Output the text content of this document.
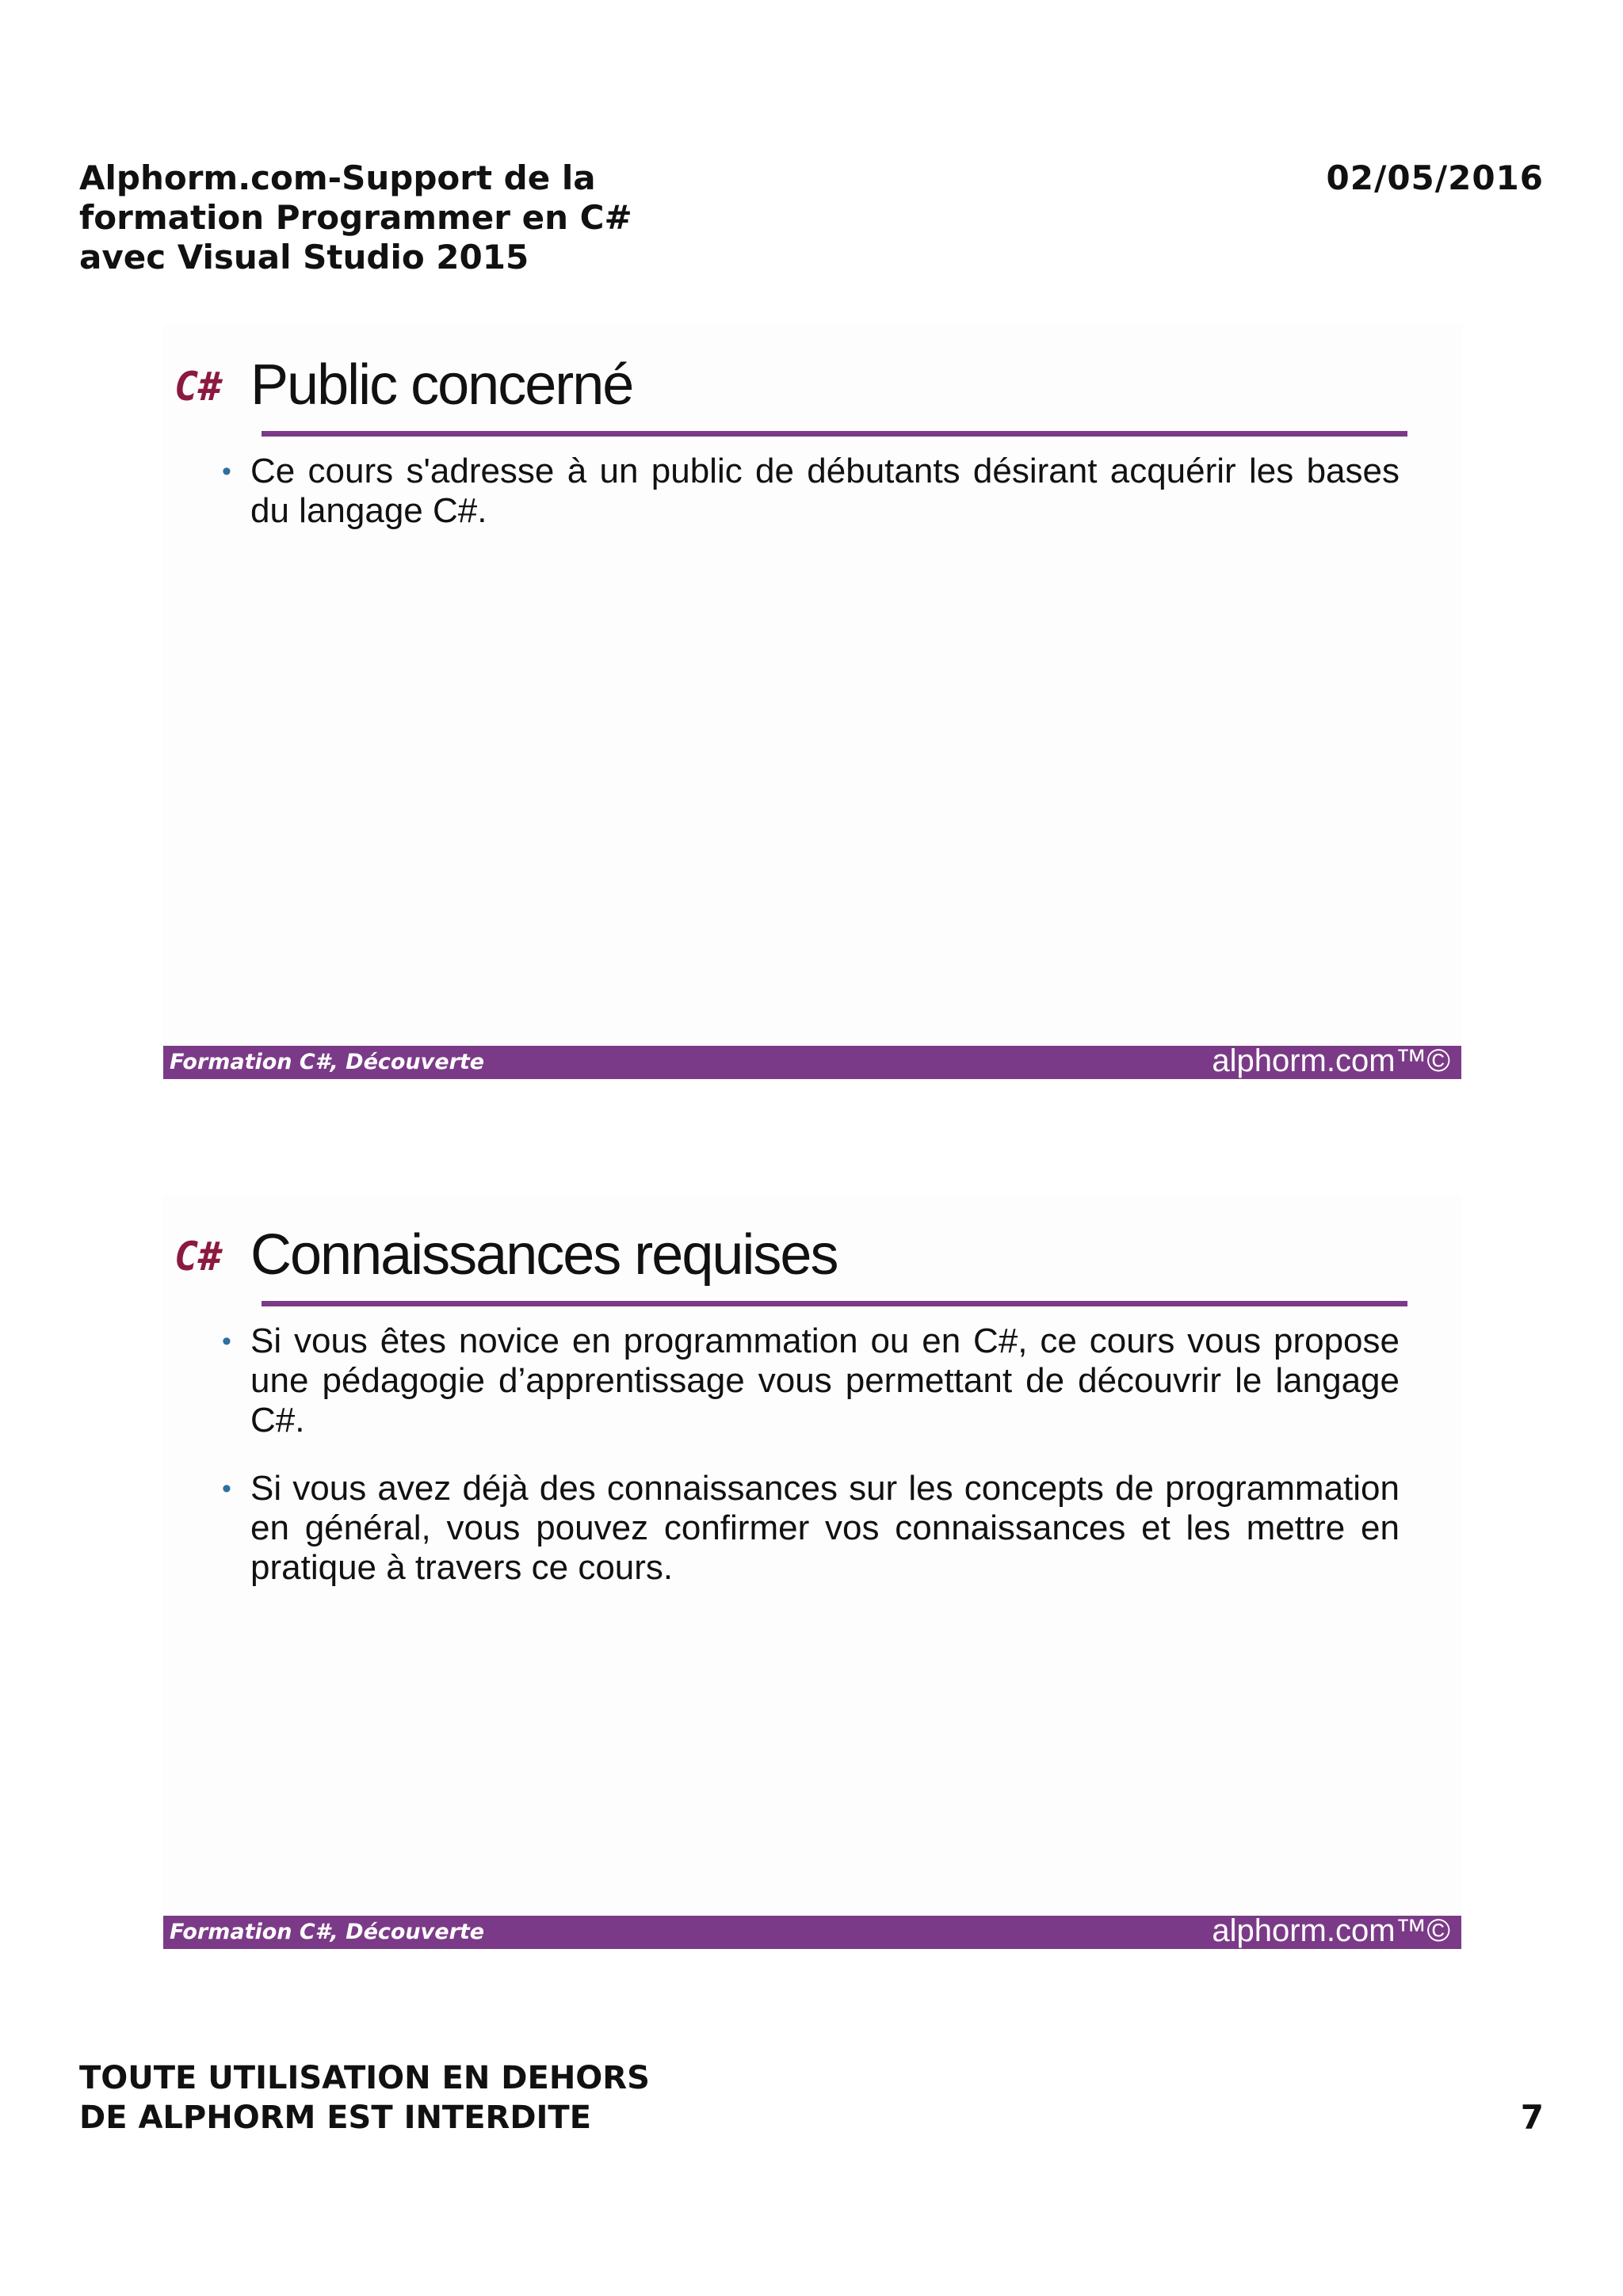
Alphorm.com-Support de la
formation Programmer en C#
avec Visual Studio 2015
02/05/2016
C# Public concerné
• Ce cours s'adresse à un public de débutants désirant acquérir les bases du langage C#.
Formation C#, Découverte	alphorm.com™©
C# Connaissances requises
• Si vous êtes novice en programmation ou en C#, ce cours vous propose une pédagogie d’apprentissage vous permettant de découvrir le langage C#.
• Si vous avez déjà des connaissances sur les concepts de programmation en général, vous pouvez confirmer vos connaissances et les mettre en pratique à travers ce cours.
Formation C#, Découverte	alphorm.com™©
TOUTE UTILISATION EN DEHORS
DE ALPHORM EST INTERDITE	7
